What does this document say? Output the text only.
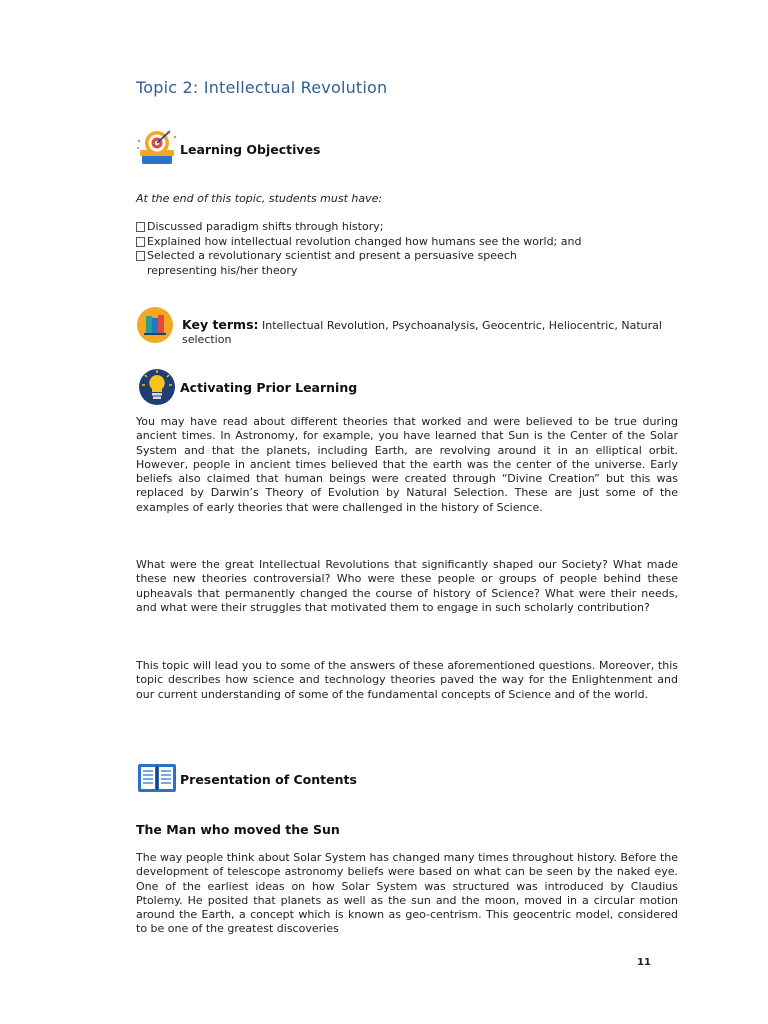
Topic 2: Intellectual Revolution
Learning Objectives
At the end of this topic, students must have:
Discussed paradigm shifts through history;
Explained how intellectual revolution changed how humans see the world; and
Selected a revolutionary scientist and present a persuasive speech representing his/her theory
Key terms: Intellectual Revolution, Psychoanalysis, Geocentric, Heliocentric, Natural selection
Activating Prior Learning

You may have read about different theories that worked and were believed to be true during ancient times. In Astronomy, for example, you have learned that Sun is the Center of the Solar System and that the planets, including Earth, are revolving around it in an elliptical orbit. However, people in ancient times believed that the earth was the center of the universe. Early beliefs also claimed that human beings were created through “Divine Creation” but this was replaced by Darwin’s Theory of Evolution by Natural Selection. These are just some of the examples of early theories that were challenged in the history of Science.

What were the great Intellectual Revolutions that significantly shaped our Society? What made these new theories controversial? Who were these people or groups of people behind these upheavals that permanently changed the course of history of Science? What were their needs, and what were their struggles that motivated them to engage in such scholarly contribution?

This topic will lead you to some of the answers of these aforementioned questions. Moreover, this topic describes how science and technology theories paved the way for the Enlightenment and our current understanding of some of the fundamental concepts of Science and of the world.

Presentation of Contents
The Man who moved the Sun

The way people think about Solar System has changed many times throughout history. Before the development of telescope astronomy beliefs were based on what can be seen by the naked eye. One of the earliest ideas on how Solar System was structured was introduced by Claudius Ptolemy. He posited that planets as well as the sun and the moon, moved in a circular motion around the Earth, a concept which is known as geo-centrism. This geocentric model, considered to be one of the greatest discoveries

11
